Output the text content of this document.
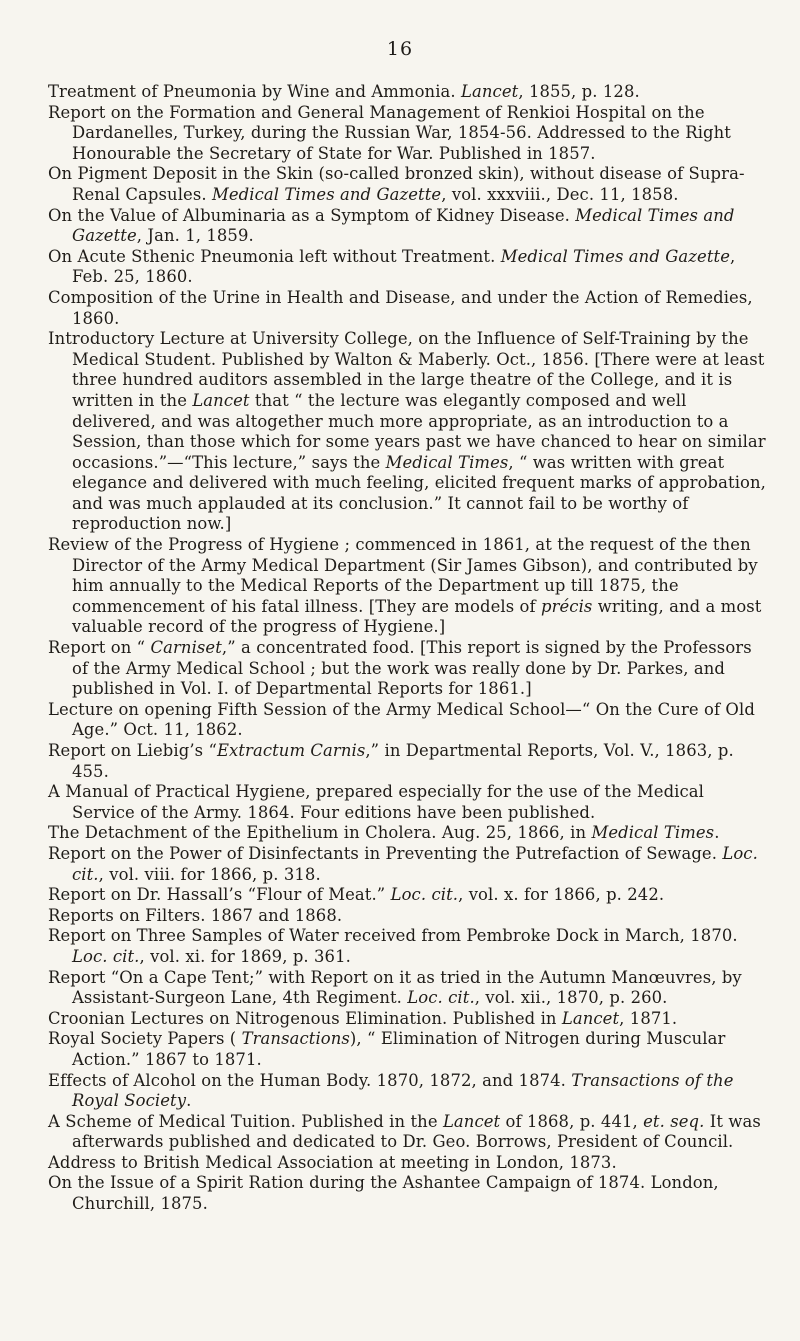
16

Treatment of Pneumonia by Wine and Ammonia. Lancet, 1855, p. 128.

Report on the Formation and General Management of Renkioi Hospital on the Dardanelles, Turkey, during the Russian War, 1854-56. Addressed to the Right Honourable the Secretary of State for War. Published in 1857.

On Pigment Deposit in the Skin (so-called bronzed skin), without disease of Supra-Renal Capsules. Medical Times and Gazette, vol. xxxviii., Dec. 11, 1858.

On the Value of Albuminaria as a Symptom of Kidney Disease. Medical Times and Gazette, Jan. 1, 1859.

On Acute Sthenic Pneumonia left without Treatment. Medical Times and Gazette, Feb. 25, 1860.

Composition of the Urine in Health and Disease, and under the Action of Remedies, 1860.

Introductory Lecture at University College, on the Influence of Self-Training by the Medical Student. Published by Walton & Maberly. Oct., 1856. [There were at least three hundred auditors assembled in the large theatre of the College, and it is written in the Lancet that “ the lecture was elegantly composed and well delivered, and was altogether much more appropriate, as an introduction to a Session, than those which for some years past we have chanced to hear on similar occasions.”—“This lecture,” says the Medical Times, “ was written with great elegance and delivered with much feeling, elicited frequent marks of approbation, and was much applauded at its conclusion.” It cannot fail to be worthy of reproduction now.]

Review of the Progress of Hygiene ; commenced in 1861, at the request of the then Director of the Army Medical Department (Sir James Gibson), and contributed by him annually to the Medical Reports of the Department up till 1875, the commencement of his fatal illness. [They are models of précis writing, and a most valuable record of the progress of Hygiene.]

Report on “ Carniset,” a concentrated food. [This report is signed by the Professors of the Army Medical School ; but the work was really done by Dr. Parkes, and published in Vol. I. of Departmental Reports for 1861.]

Lecture on opening Fifth Session of the Army Medical School—“ On the Cure of Old Age.” Oct. 11, 1862.

Report on Liebig’s “Extractum Carnis,” in Departmental Reports, Vol. V., 1863, p. 455.

A Manual of Practical Hygiene, prepared especially for the use of the Medical Service of the Army. 1864. Four editions have been published.

The Detachment of the Epithelium in Cholera. Aug. 25, 1866, in Medical Times.

Report on the Power of Disinfectants in Preventing the Putrefaction of Sewage. Loc. cit., vol. viii. for 1866, p. 318.

Report on Dr. Hassall’s “Flour of Meat.” Loc. cit., vol. x. for 1866, p. 242.

Reports on Filters. 1867 and 1868.

Report on Three Samples of Water received from Pembroke Dock in March, 1870. Loc. cit., vol. xi. for 1869, p. 361.

Report “On a Cape Tent;” with Report on it as tried in the Autumn Manœuvres, by Assistant-Surgeon Lane, 4th Regiment. Loc. cit., vol. xii., 1870, p. 260.

Croonian Lectures on Nitrogenous Elimination. Published in Lancet, 1871.

Royal Society Papers ( Transactions), “ Elimination of Nitrogen during Muscular Action.” 1867 to 1871.

Effects of Alcohol on the Human Body. 1870, 1872, and 1874. Transactions of the Royal Society.

A Scheme of Medical Tuition. Published in the Lancet of 1868, p. 441, et. seq. It was afterwards published and dedicated to Dr. Geo. Borrows, President of Council.

Address to British Medical Association at meeting in London, 1873.

On the Issue of a Spirit Ration during the Ashantee Campaign of 1874. London, Churchill, 1875.
